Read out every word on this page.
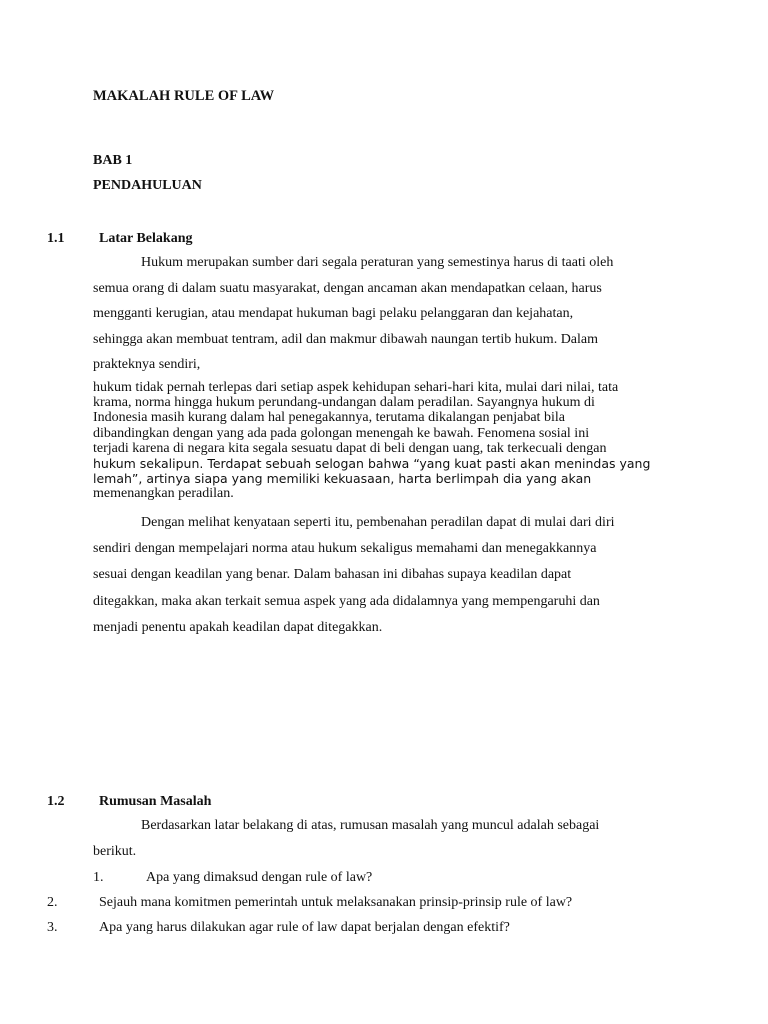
MAKALAH RULE OF LAW
BAB 1
PENDAHULUAN
1.1 Latar Belakang
Hukum merupakan sumber dari segala peraturan yang semestinya harus di taati oleh
semua orang di dalam suatu masyarakat, dengan ancaman akan mendapatkan celaan, harus
mengganti kerugian, atau mendapat hukuman bagi pelaku pelanggaran dan kejahatan,
sehingga akan membuat tentram, adil dan makmur dibawah naungan tertib hukum. Dalam
prakteknya sendiri,
hukum tidak pernah terlepas dari setiap aspek kehidupan sehari-hari kita, mulai dari nilai, tata
krama, norma hingga hukum perundang-undangan dalam peradilan. Sayangnya hukum di
Indonesia masih kurang dalam hal penegakannya, terutama dikalangan penjabat bila
dibandingkan dengan yang ada pada golongan menengah ke bawah. Fenomena sosial ini
terjadi karena di negara kita segala sesuatu dapat di beli dengan uang, tak terkecuali dengan
hukum sekalipun. Terdapat sebuah selogan bahwa “yang kuat pasti akan menindas yang
lemah”, artinya siapa yang memiliki kekuasaan, harta berlimpah dia yang akan
memenangkan peradilan.
Dengan melihat kenyataan seperti itu, pembenahan peradilan dapat di mulai dari diri
sendiri dengan mempelajari norma atau hukum sekaligus memahami dan menegakkannya
sesuai dengan keadilan yang benar. Dalam bahasan ini dibahas supaya keadilan dapat
ditegakkan, maka akan terkait semua aspek yang ada didalamnya yang mempengaruhi dan
menjadi penentu apakah keadilan dapat ditegakkan.
1.2 Rumusan Masalah
Berdasarkan latar belakang di atas, rumusan masalah yang muncul adalah sebagai
berikut.
1.	Apa yang dimaksud dengan rule of law?
2.	Sejauh mana komitmen pemerintah untuk melaksanakan prinsip-prinsip rule of law?
3.	Apa yang harus dilakukan agar rule of law dapat berjalan dengan efektif?
